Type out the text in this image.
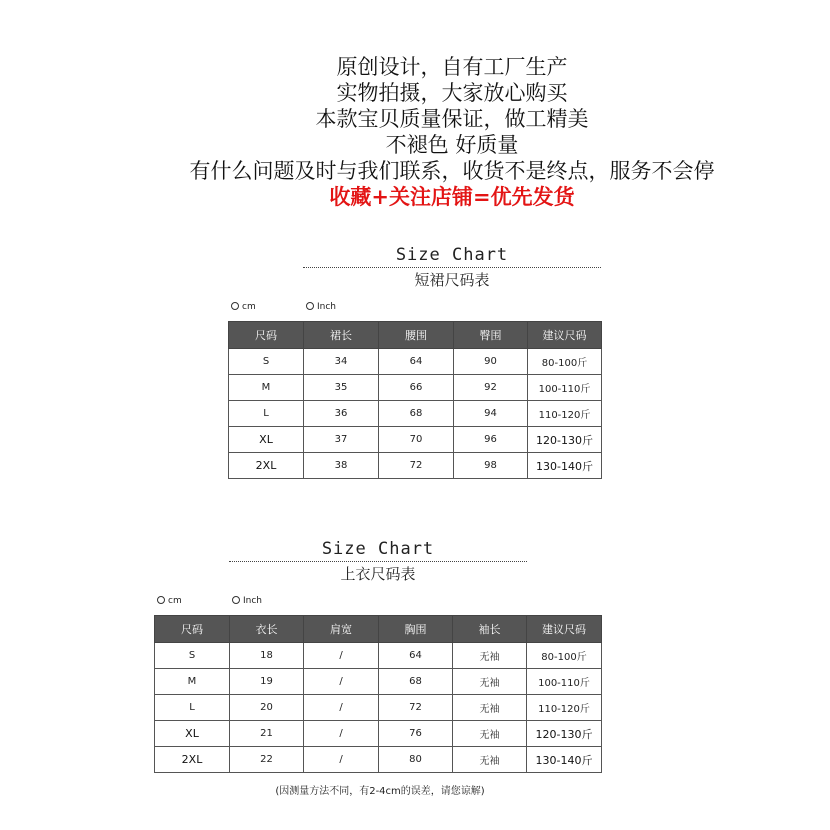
原创设计，自有工厂生产
实物拍摄，大家放心购买
本款宝贝质量保证，做工精美
不褪色 好质量
有什么问题及时与我们联系，收货不是终点，服务不会停
收藏+关注店铺=优先发货
Size Chart
短裙尺码表
cm	Inch
尺码	裙长	腰围	臀围	建议尺码
S	34	64	90	80-100斤
M	35	66	92	100-110斤
L	36	68	94	110-120斤
XL	37	70	96	120-130斤
2XL	38	72	98	130-140斤
Size Chart
上衣尺码表
cm	Inch
尺码	衣长	肩宽	胸围	袖长	建议尺码
S	18	/	64	无袖	80-100斤
M	19	/	68	无袖	100-110斤
L	20	/	72	无袖	110-120斤
XL	21	/	76	无袖	120-130斤
2XL	22	/	80	无袖	130-140斤
(因测量方法不同，有2-4cm的误差，请您谅解)
